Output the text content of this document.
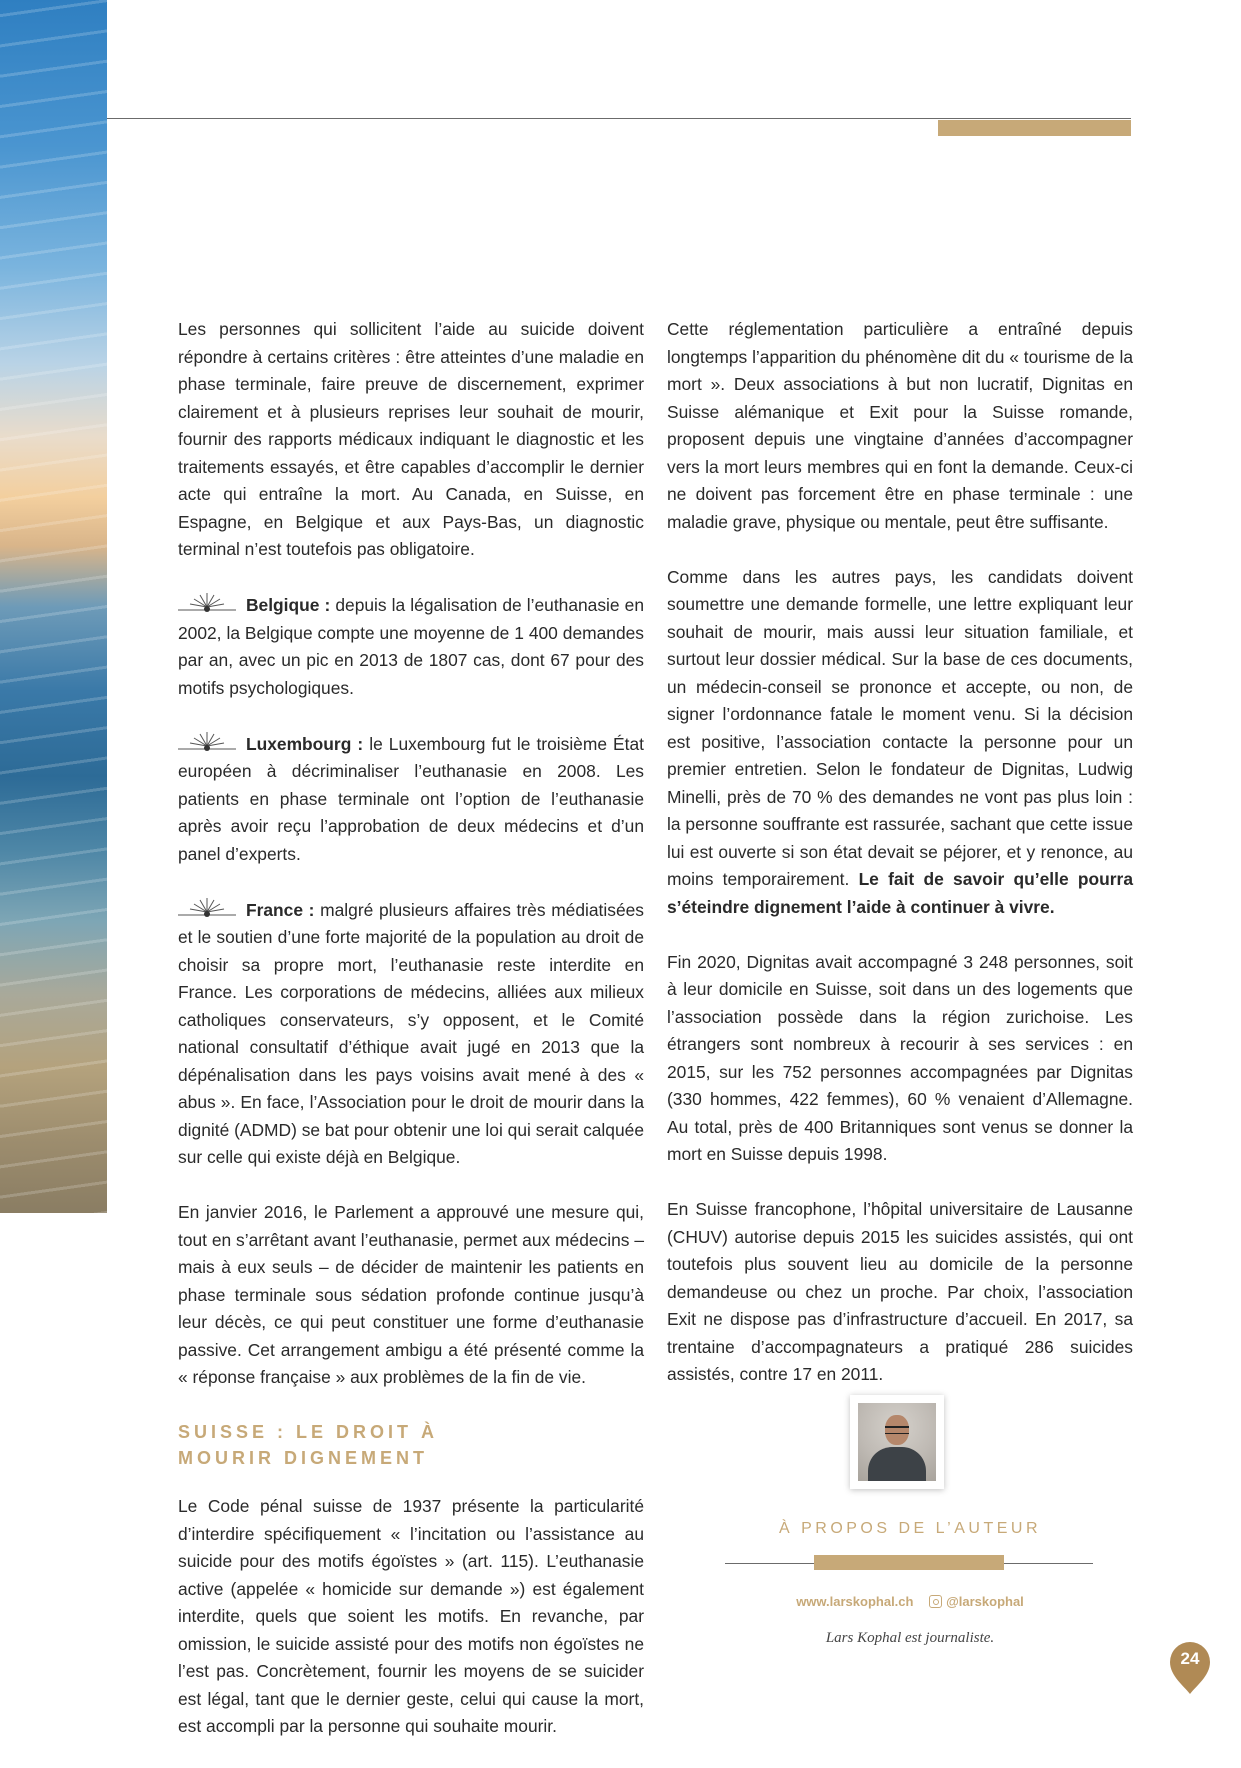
Les personnes qui sollicitent l’aide au suicide doivent répondre à certains critères : être atteintes d’une maladie en phase terminale, faire preuve de discernement, exprimer clairement et à plusieurs reprises leur souhait de mourir, fournir des rapports médicaux indiquant le diagnostic et les traitements essayés, et être capables d’accomplir le dernier acte qui entraîne la mort. Au Canada, en Suisse, en Espagne, en Belgique et aux Pays-Bas, un diagnostic terminal n’est toutefois pas obligatoire.

Belgique : depuis la légalisation de l’euthanasie en 2002, la Belgique compte une moyenne de 1 400 demandes par an, avec un pic en 2013 de 1807 cas, dont 67 pour des motifs psychologiques.

Luxembourg : le Luxembourg fut le troisième État européen à décriminaliser l’euthanasie en 2008. Les patients en phase terminale ont l’option de l’euthanasie après avoir reçu l’approbation de deux médecins et d’un panel d’experts.

France : malgré plusieurs affaires très médiatisées et le soutien d’une forte majorité de la population au droit de choisir sa propre mort, l’euthanasie reste interdite en France. Les corporations de médecins, alliées aux milieux catholiques conservateurs, s’y opposent, et le Comité national consultatif d’éthique avait jugé en 2013 que la dépénalisation dans les pays voisins avait mené à des « abus ». En face, l’Association pour le droit de mourir dans la dignité (ADMD) se bat pour obtenir une loi qui serait calquée sur celle qui existe déjà en Belgique.

En janvier 2016, le Parlement a approuvé une mesure qui, tout en s’arrêtant avant l’euthanasie, permet aux médecins – mais à eux seuls – de décider de maintenir les patients en phase terminale sous sédation profonde continue jusqu’à leur décès, ce qui peut constituer une forme d’euthanasie passive. Cet arrangement ambigu a été présenté comme la « réponse française » aux problèmes de la fin de vie.

SUISSE : LE DROIT À
MOURIR DIGNEMENT

Le Code pénal suisse de 1937 présente la particularité d’interdire spécifiquement « l’incitation ou l’assistance au suicide pour des motifs égoïstes » (art. 115). L’euthanasie active (appelée « homicide sur demande ») est également interdite, quels que soient les motifs. En revanche, par omission, le suicide assisté pour des motifs non égoïstes ne l’est pas. Concrètement, fournir les moyens de se suicider est légal, tant que le dernier geste, celui qui cause la mort, est accompli par la personne qui souhaite mourir.

Cette réglementation particulière a entraîné depuis longtemps l’apparition du phénomène dit du « tourisme de la mort ». Deux associations à but non lucratif, Dignitas en Suisse alémanique et Exit pour la Suisse romande, proposent depuis une vingtaine d’années d’accompagner vers la mort leurs membres qui en font la demande. Ceux-ci ne doivent pas forcement être en phase terminale : une maladie grave, physique ou mentale, peut être suffisante.

Comme dans les autres pays, les candidats doivent soumettre une demande formelle, une lettre expliquant leur souhait de mourir, mais aussi leur situation familiale, et surtout leur dossier médical. Sur la base de ces documents, un médecin-conseil se prononce et accepte, ou non, de signer l’ordonnance fatale le moment venu. Si la décision est positive, l’association contacte la personne pour un premier entretien. Selon le fondateur de Dignitas, Ludwig Minelli, près de 70 % des demandes ne vont pas plus loin : la personne souffrante est rassurée, sachant que cette issue lui est ouverte si son état devait se péjorer, et y renonce, au moins temporairement. Le fait de savoir qu’elle pourra s’éteindre dignement l’aide à continuer à vivre.

Fin 2020, Dignitas avait accompagné 3 248 personnes, soit à leur domicile en Suisse, soit dans un des logements que l’association possède dans la région zurichoise. Les étrangers sont nombreux à recourir à ses services : en 2015, sur les 752 personnes accompagnées par Dignitas (330 hommes, 422 femmes), 60 % venaient d’Allemagne. Au total, près de 400 Britanniques sont venus se donner la mort en Suisse depuis 1998.

En Suisse francophone, l’hôpital universitaire de Lausanne (CHUV) autorise depuis 2015 les suicides assistés, qui ont toutefois plus souvent lieu au domicile de la personne demandeuse ou chez un proche. Par choix, l’association Exit ne dispose pas d’infrastructure d’accueil. En 2017, sa trentaine d’accompagnateurs a pratiqué 286 suicides assistés, contre 17 en 2011.

À PROPOS DE L’AUTEUR
www.larskophal.ch	@larskophal
Lars Kophal est journaliste.
24
